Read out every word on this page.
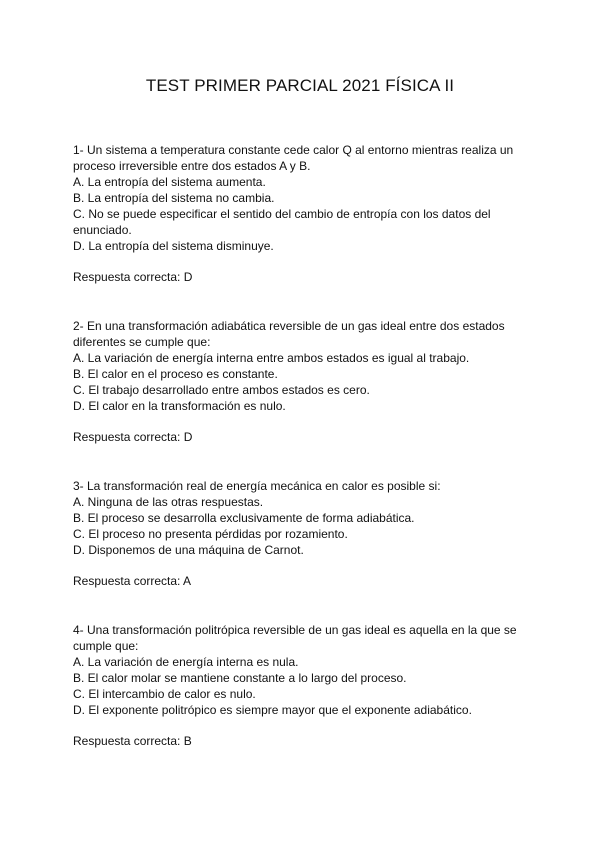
TEST PRIMER PARCIAL 2021 FÍSICA II
1- Un sistema a temperatura constante cede calor Q al entorno mientras realiza un proceso irreversible entre dos estados A y B.
A. La entropía del sistema aumenta.
B. La entropía del sistema no cambia.
C. No se puede especificar el sentido del cambio de entropía con los datos del enunciado.
D. La entropía del sistema disminuye.
Respuesta correcta: D
2- En una transformación adiabática reversible de un gas ideal entre dos estados diferentes se cumple que:
A. La variación de energía interna entre ambos estados es igual al trabajo.
B. El calor en el proceso es constante.
C. El trabajo desarrollado entre ambos estados es cero.
D. El calor en la transformación es nulo.
Respuesta correcta: D
3- La transformación real de energía mecánica en calor es posible si:
A. Ninguna de las otras respuestas.
B. El proceso se desarrolla exclusivamente de forma adiabática.
C. El proceso no presenta pérdidas por rozamiento.
D. Disponemos de una máquina de Carnot.
Respuesta correcta: A
4- Una transformación politrópica reversible de un gas ideal es aquella en la que se cumple que:
A. La variación de energía interna es nula.
B. El calor molar se mantiene constante a lo largo del proceso.
C. El intercambio de calor es nulo.
D. El exponente politrópico es siempre mayor que el exponente adiabático.
Respuesta correcta: B
